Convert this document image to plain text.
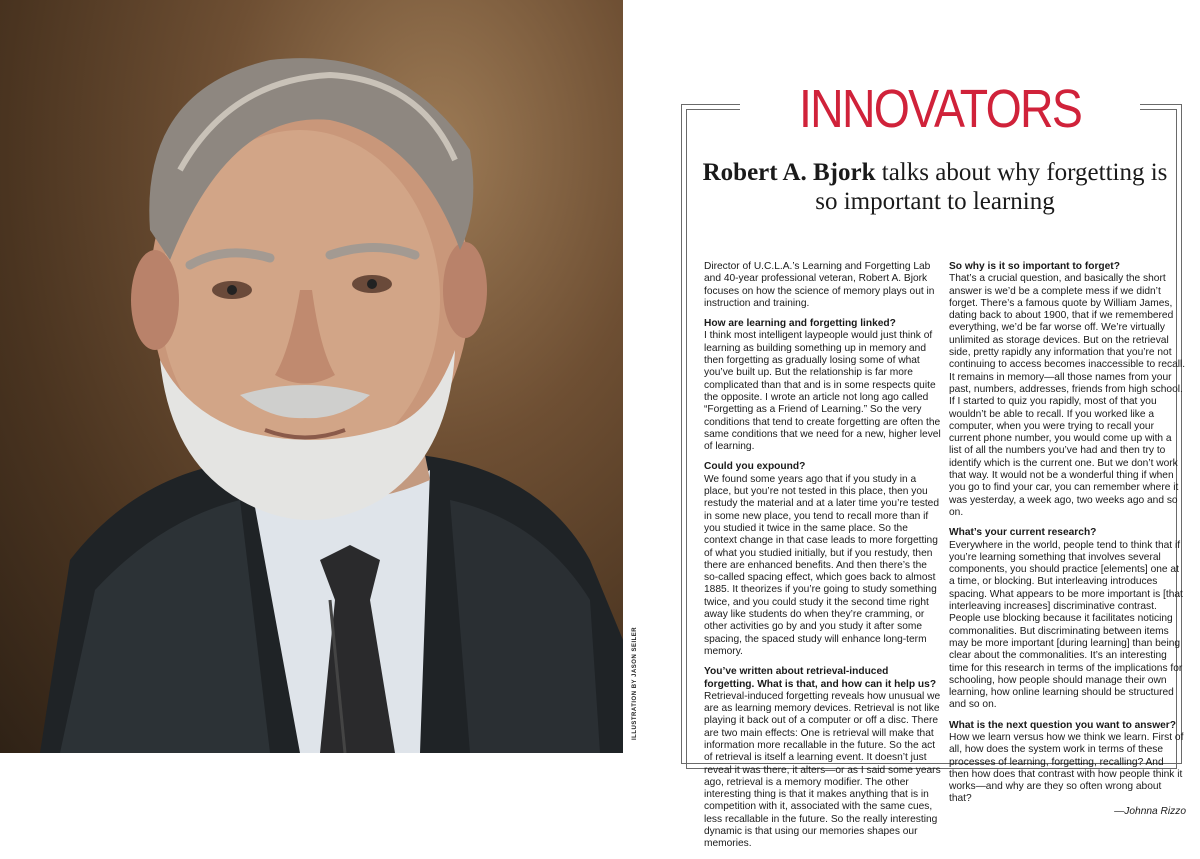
ILLUSTRATION BY JASON SEILER
INNOVATORS
Robert A. Bjork talks about why forgetting is so important to learning

Director of U.C.L.A.’s Learning and Forgetting Lab and 40-year professional veteran, Robert A. Bjork focuses on how the science of memory plays out in instruction and training.

How are learning and forgetting linked?
I think most intelligent laypeople would just think of learning as building something up in memory and then forgetting as gradually losing some of what you’ve built up. But the relationship is far more complicated than that and is in some respects quite the opposite. I wrote an article not long ago called “Forgetting as a Friend of Learning.” So the very conditions that tend to create forgetting are often the same conditions that we need for a new, higher level of learning.

Could you expound?
We found some years ago that if you study in a place, but you’re not tested in this place, then you restudy the material and at a later time you’re tested in some new place, you tend to recall more than if you studied it twice in the same place. So the context change in that case leads to more forgetting of what you studied initially, but if you restudy, then there are enhanced benefits. And then there’s the so-called spacing effect, which goes back to almost 1885. It theorizes if you’re going to study something twice, and you could study it the second time right away like students do when they’re cramming, or other activities go by and you study it after some spacing, the spaced study will enhance long-term memory.

You’ve written about retrieval-induced forgetting. What is that, and how can it help us?
Retrieval-induced forgetting reveals how unusual we are as learning memory devices. Retrieval is not like playing it back out of a computer or off a disc. There are two main effects: One is retrieval will make that information more recallable in the future. So the act of retrieval is itself a learning event. It doesn’t just reveal it was there, it alters—or as I said some years ago, retrieval is a memory modifier. The other interesting thing is that it makes anything that is in competition with it, associated with the same cues, less recallable in the future. So the really interesting dynamic is that using our memories shapes our memories.

So why is it so important to forget?
That’s a crucial question, and basically the short answer is we’d be a complete mess if we didn’t forget. There’s a famous quote by William James, dating back to about 1900, that if we remembered everything, we’d be far worse off. We’re virtually unlimited as storage devices. But on the retrieval side, pretty rapidly any information that you’re not continuing to access becomes inaccessible to recall. It remains in memory—all those names from your past, numbers, addresses, friends from high school. If I started to quiz you rapidly, most of that you wouldn’t be able to recall. If you worked like a computer, when you were trying to recall your current phone number, you would come up with a list of all the numbers you’ve had and then try to identify which is the current one. But we don’t work that way. It would not be a wonderful thing if when you go to find your car, you can remember where it was yesterday, a week ago, two weeks ago and so on.

What’s your current research?
Everywhere in the world, people tend to think that if you’re learning something that involves several components, you should practice [elements] one at a time, or blocking. But interleaving introduces spacing. What appears to be more important is [that interleaving increases] discriminative contrast. People use blocking because it facilitates noticing commonalities. But discriminating between items may be more important [during learning] than being clear about the commonalities. It’s an interesting time for this research in terms of the implications for schooling, how people should manage their own learning, how online learning should be structured and so on.

What is the next question you want to answer?
How we learn versus how we think we learn. First of all, how does the system work in terms of these processes of learning, forgetting, recalling? And then how does that contrast with how people think it works—and why are they so often wrong about that?
—Johnna Rizzo
